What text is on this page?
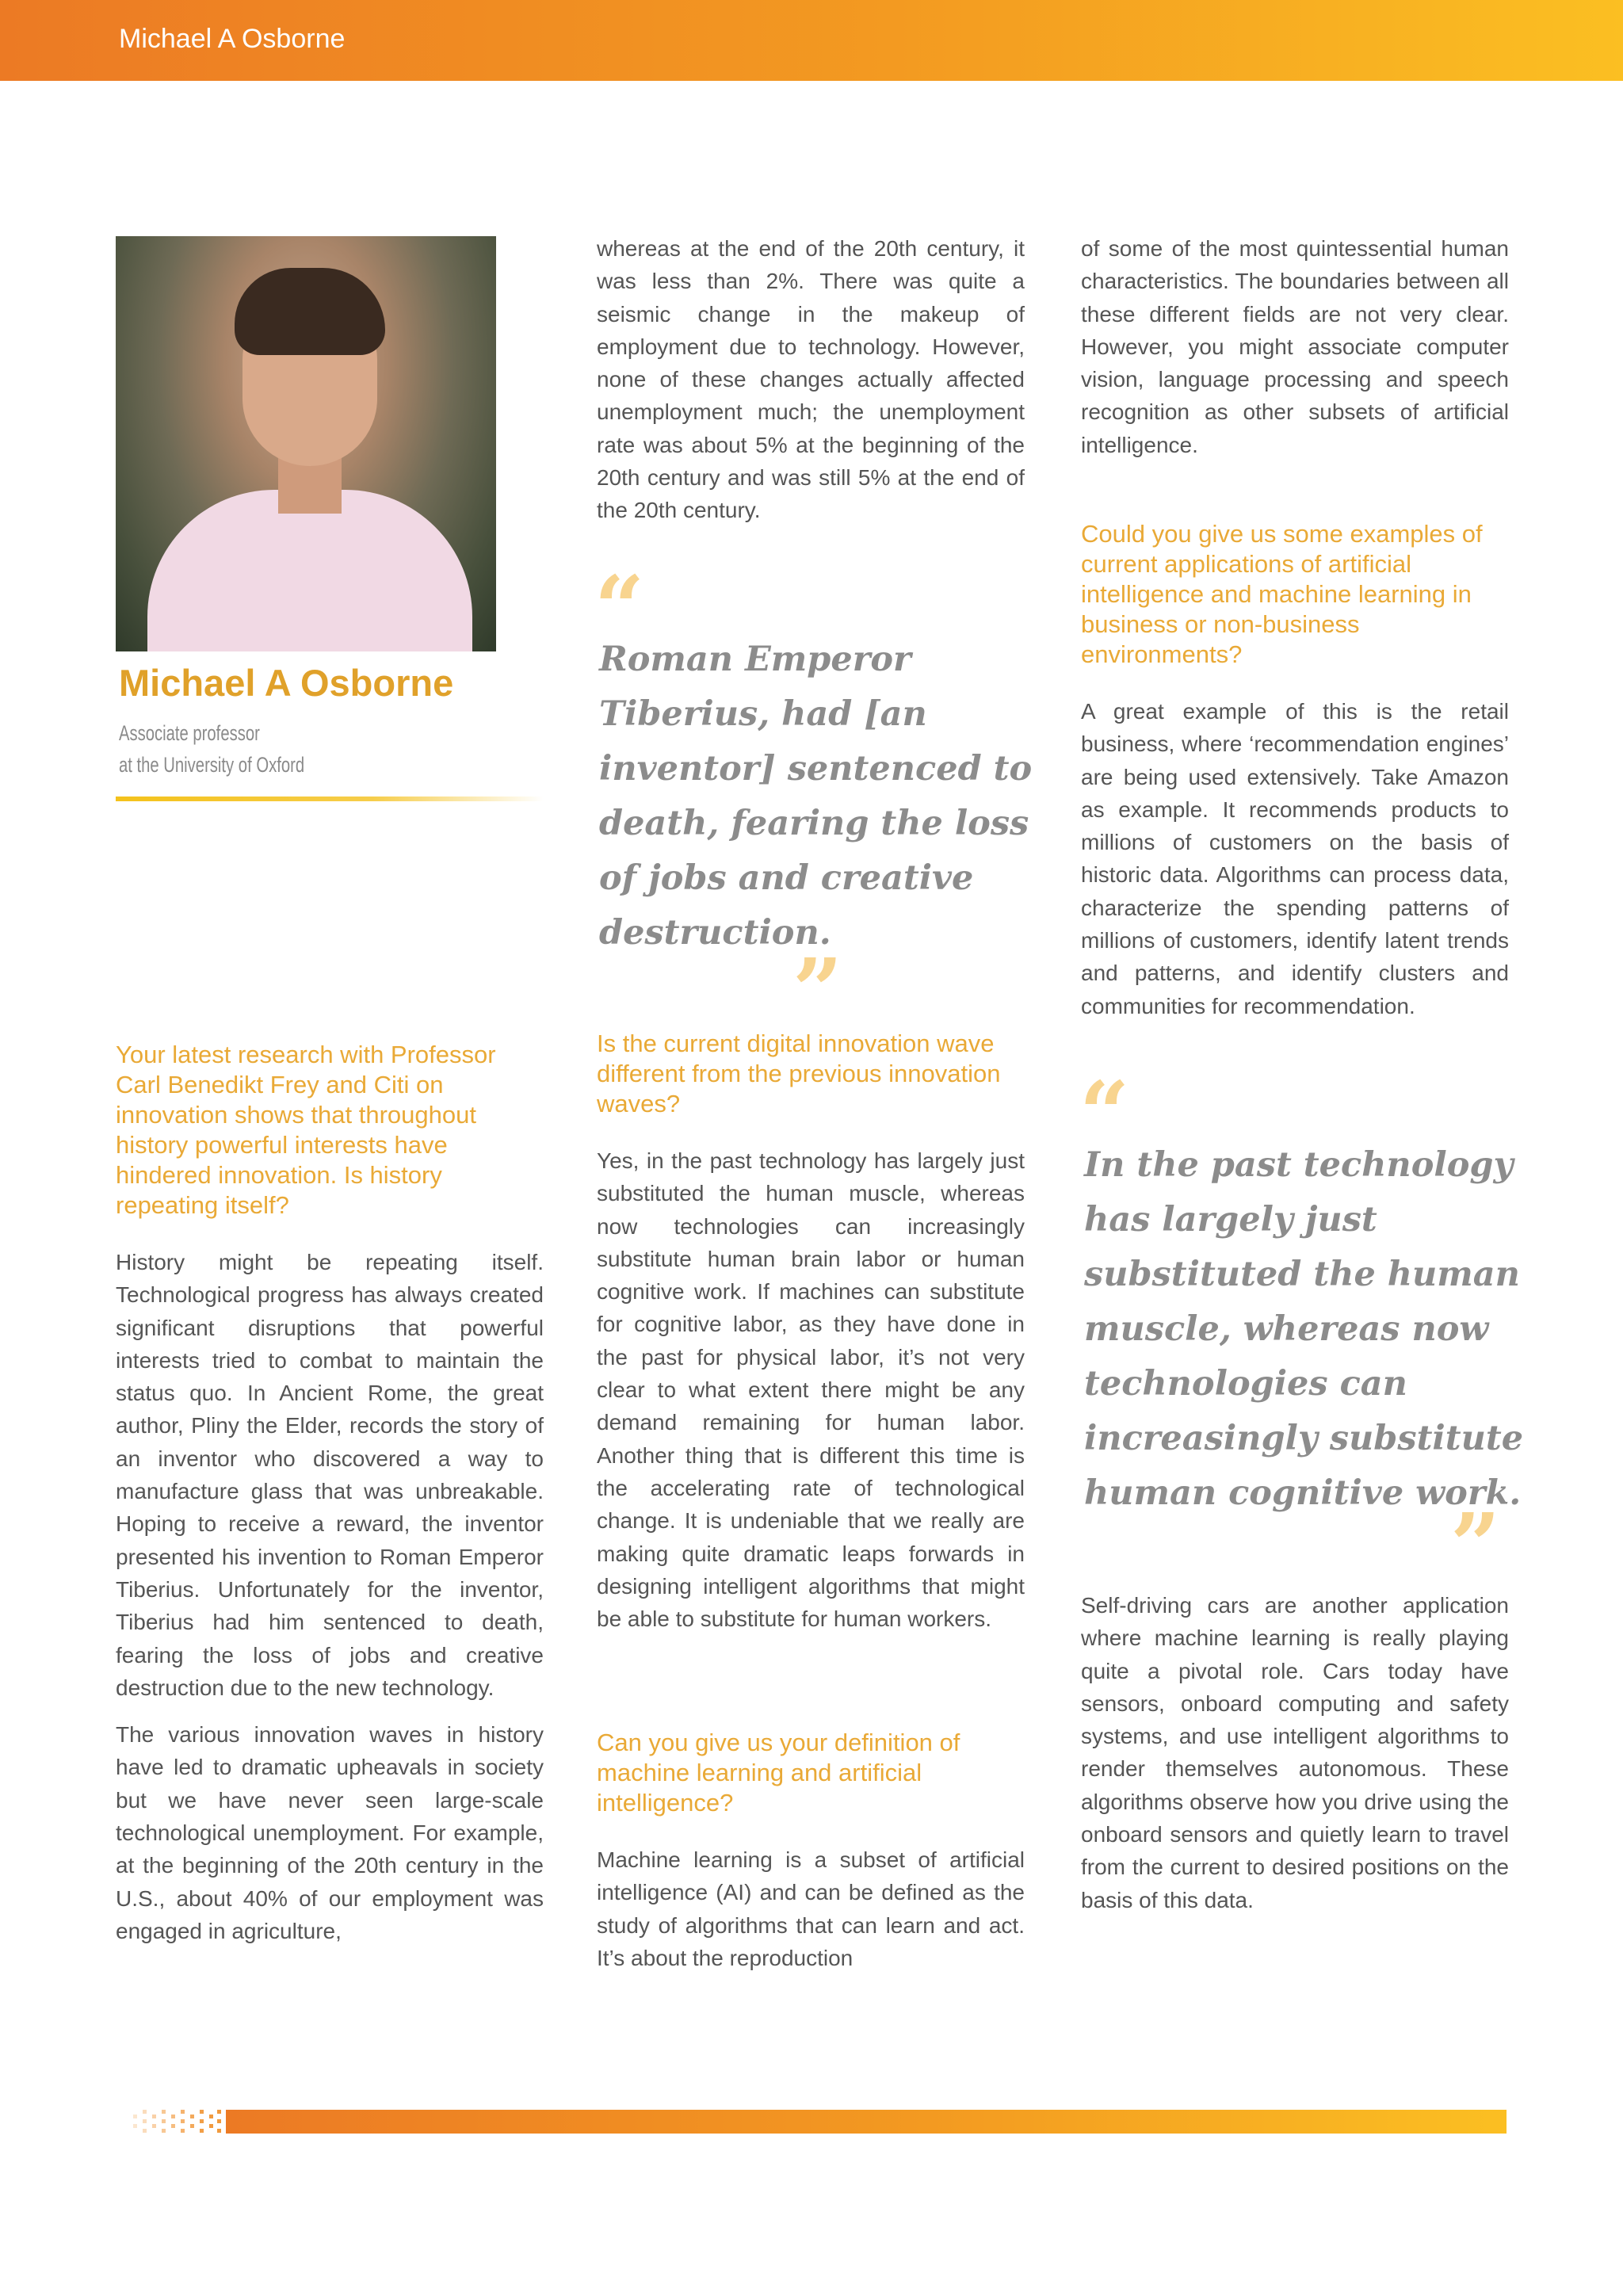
Michael A Osborne
Michael A Osborne
Associate professor
at the University of Oxford
Your latest research with Professor Carl Benedikt Frey and Citi on innovation shows that throughout history powerful interests have hindered innovation. Is history repeating itself?
History might be repeating itself. Technological progress has always created significant disruptions that powerful interests tried to combat to maintain the status quo. In Ancient Rome, the great author, Pliny the Elder, records the story of an inventor who discovered a way to manufacture glass that was unbreakable. Hoping to receive a reward, the inventor presented his invention to Roman Emperor Tiberius. Unfortunately for the inventor, Tiberius had him sentenced to death, fearing the loss of jobs and creative destruction due to the new technology.
The various innovation waves in history have led to dramatic upheavals in society but we have never seen large-scale technological unemployment. For example, at the beginning of the 20th century in the U.S., about 40% of our employment was engaged in agriculture,
whereas at the end of the 20th century, it was less than 2%. There was quite a seismic change in the makeup of employment due to technology. However, none of these changes actually affected unemployment much; the unemployment rate was about 5% at the beginning of the 20th century and was still 5% at the end of the 20th century.
“
Roman Emperor Tiberius, had [an inventor] sentenced to death, fearing the loss of jobs and creative destruction.
”
Is the current digital innovation wave different from the previous innovation waves?
Yes, in the past technology has largely just substituted the human muscle, whereas now technologies can increasingly substitute human brain labor or human cognitive work. If machines can substitute for cognitive labor, as they have done in the past for physical labor, it’s not very clear to what extent there might be any demand remaining for human labor. Another thing that is different this time is the accelerating rate of technological change. It is undeniable that we really are making quite dramatic leaps forwards in designing intelligent algorithms that might be able to substitute for human workers.
Can you give us your definition of machine learning and artificial intelligence?
Machine learning is a subset of artificial intelligence (AI) and can be defined as the study of algorithms that can learn and act. It’s about the reproduction
of some of the most quintessential human characteristics. The boundaries between all these different fields are not very clear. However, you might associate computer vision, language processing and speech recognition as other subsets of artificial intelligence.
Could you give us some examples of current applications of artificial intelligence and machine learning in business or non-business environments?
A great example of this is the retail business, where ‘recommendation engines’ are being used extensively. Take Amazon as example. It recommends products to millions of customers on the basis of historic data. Algorithms can process data, characterize the spending patterns of millions of customers, identify latent trends and patterns, and identify clusters and communities for recommendation.
“
In the past technology has largely just substituted the human muscle, whereas now technologies can increasingly substitute human cognitive work.
”
Self-driving cars are another application where machine learning is really playing quite a pivotal role. Cars today have sensors, onboard computing and safety systems, and use intelligent algorithms to render themselves autonomous. These algorithms observe how you drive using the onboard sensors and quietly learn to travel from the current to desired positions on the basis of this data.
